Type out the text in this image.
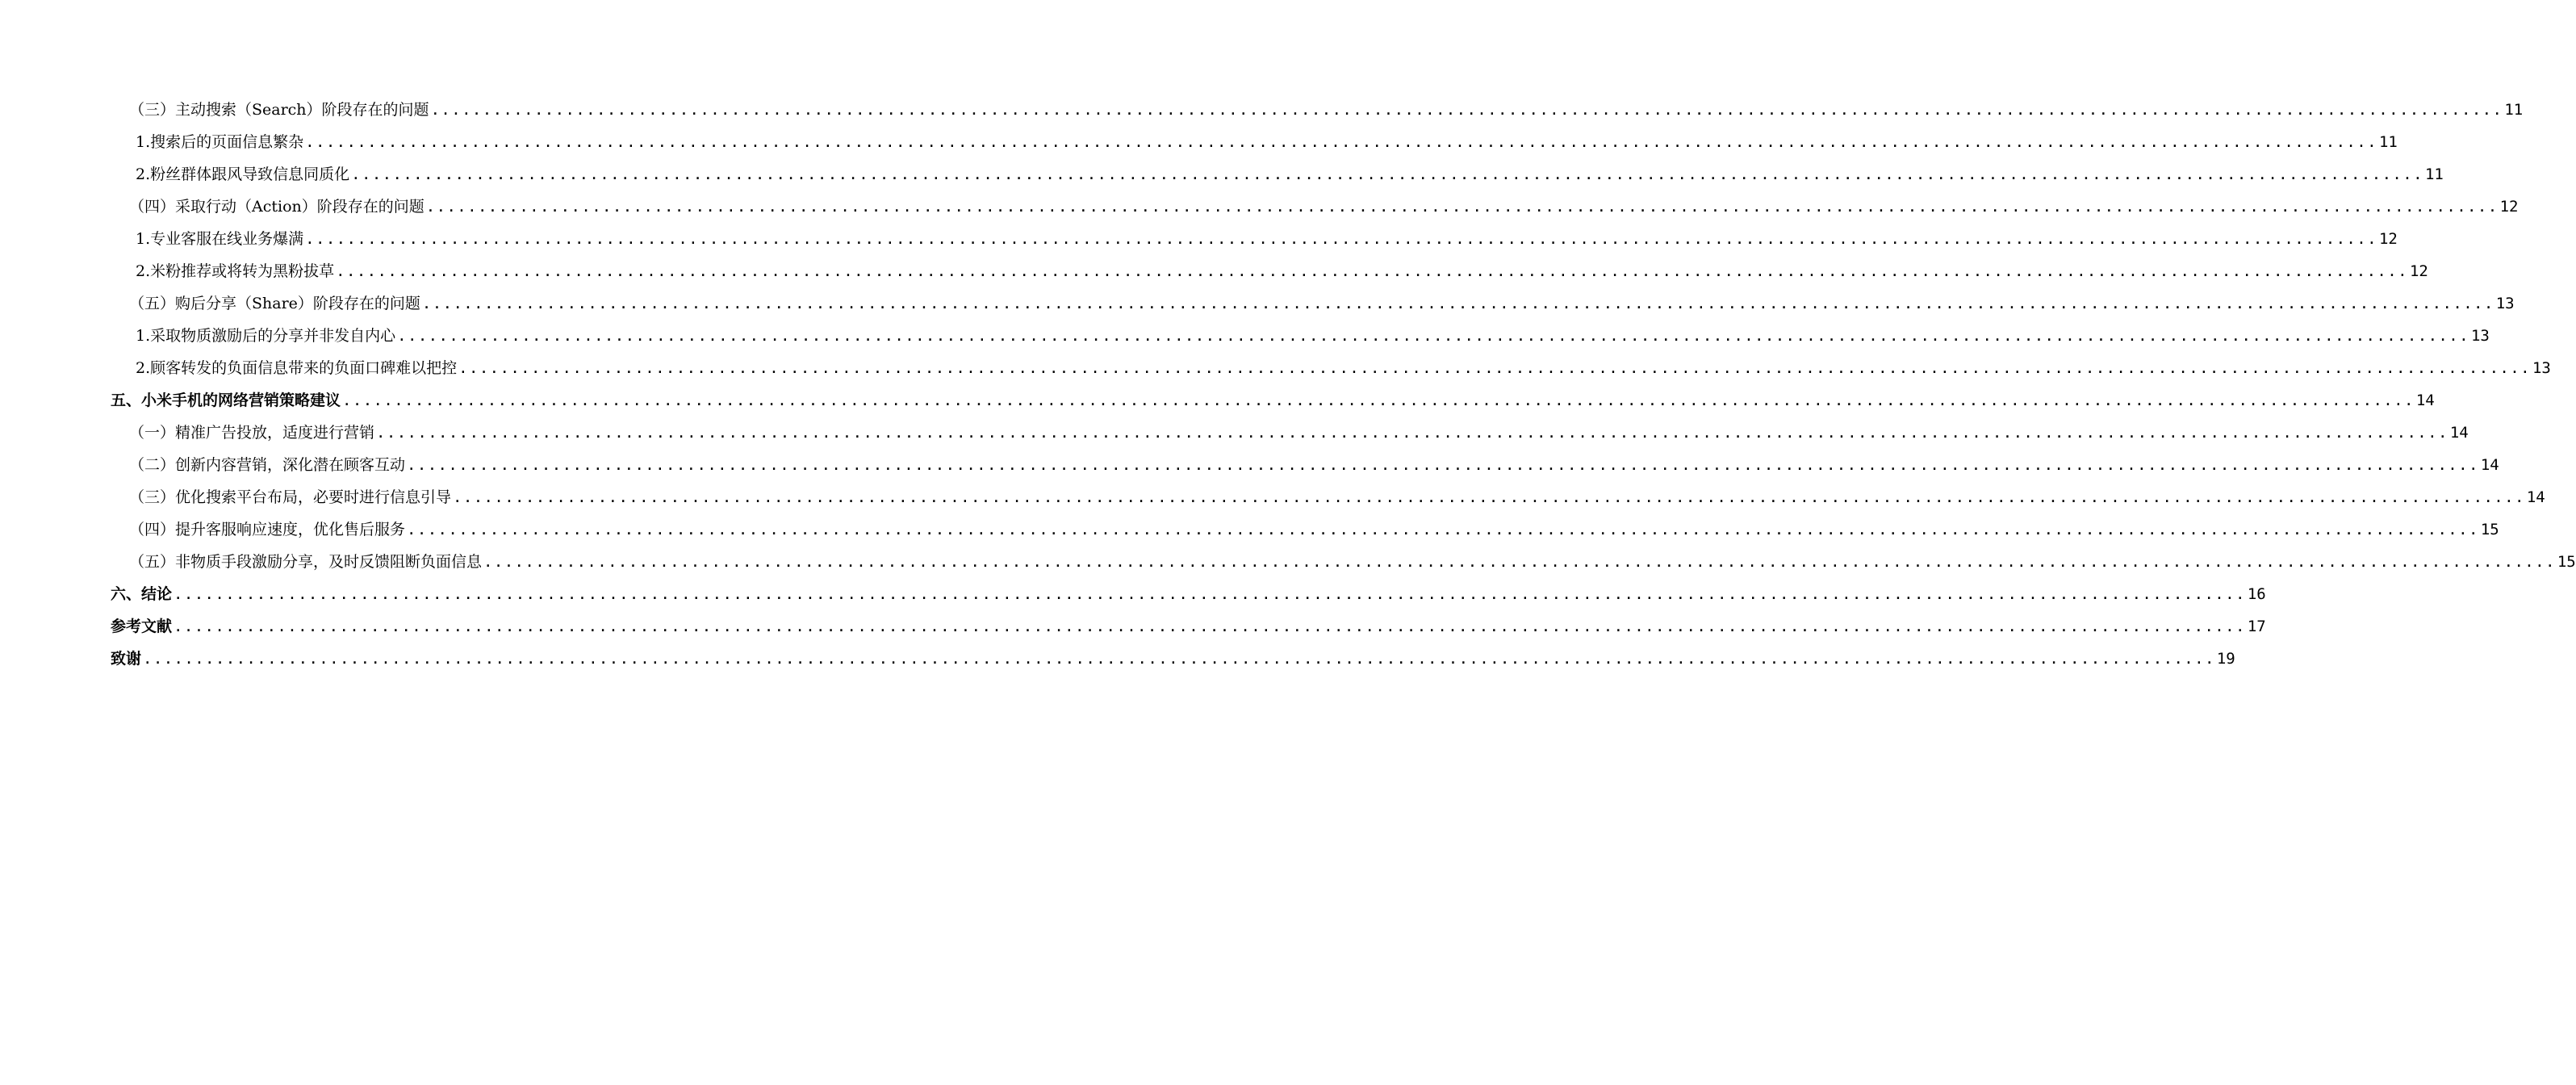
（三）主动搜索（Search）阶段存在的问题 ........................................................................................................................................................................................................ 11
1.搜索后的页面信息繁杂 ........................................................................................................................................................................................................ 11
2.粉丝群体跟风导致信息同质化 ........................................................................................................................................................................................................ 11
（四）采取行动（Action）阶段存在的问题 ........................................................................................................................................................................................................ 12
1.专业客服在线业务爆满 ........................................................................................................................................................................................................ 12
2.米粉推荐或将转为黑粉拔草 ........................................................................................................................................................................................................ 12
（五）购后分享（Share）阶段存在的问题 ........................................................................................................................................................................................................ 13
1.采取物质激励后的分享并非发自内心 ........................................................................................................................................................................................................ 13
2.顾客转发的负面信息带来的负面口碑难以把控 ........................................................................................................................................................................................................ 13
五、小米手机的网络营销策略建议 ........................................................................................................................................................................................................ 14
（一）精准广告投放，适度进行营销 ........................................................................................................................................................................................................ 14
（二）创新内容营销，深化潜在顾客互动 ........................................................................................................................................................................................................ 14
（三）优化搜索平台布局，必要时进行信息引导 ........................................................................................................................................................................................................ 14
（四）提升客服响应速度，优化售后服务 ........................................................................................................................................................................................................ 15
（五）非物质手段激励分享，及时反馈阻断负面信息 ........................................................................................................................................................................................................ 15
六、结论 ........................................................................................................................................................................................................ 16
参考文献 ........................................................................................................................................................................................................ 17
致谢 ........................................................................................................................................................................................................ 19
